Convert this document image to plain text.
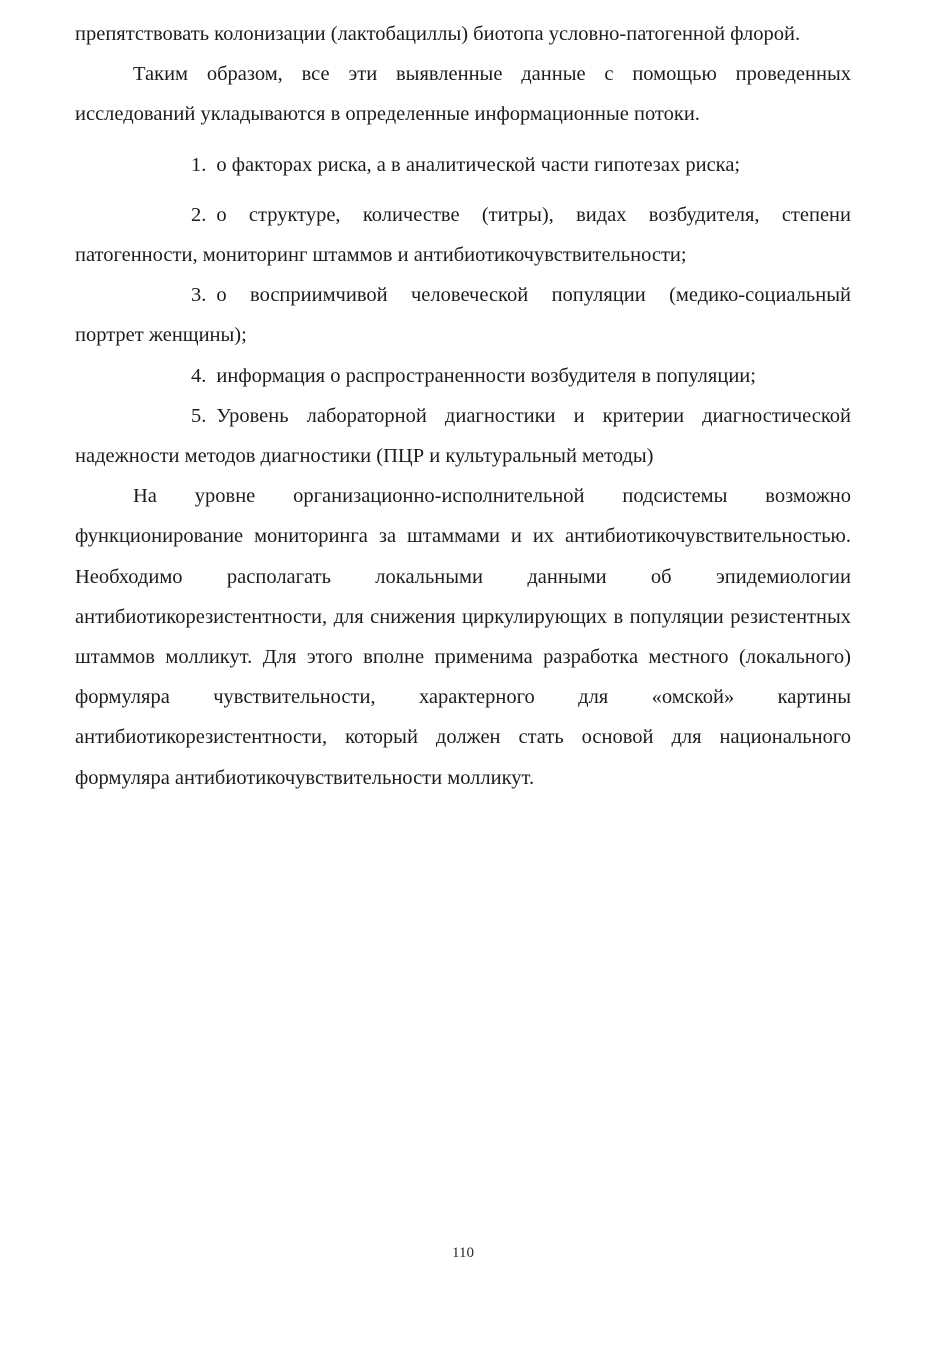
препятствовать колонизации (лактобациллы) биотопа условно-патогенной флорой.

Таким образом, все эти выявленные данные с помощью проведенных исследований укладываются в определенные информационные потоки.

1. о факторах риска, а в аналитической части гипотезах риска;

2. о структуре, количестве (титры), видах возбудителя, степени патогенности, мониторинг штаммов и антибиотикочувствительности;

3. о восприимчивой человеческой популяции (медико-социальный портрет женщины);

4. информация о распространенности возбудителя в популяции;

5. Уровень лабораторной диагностики и критерии диагностической надежности методов диагностики (ПЦР и культуральный методы)

На уровне организационно-исполнительной подсистемы возможно функционирование мониторинга за штаммами и их антибиотикочувствительностью. Необходимо располагать локальными данными об эпидемиологии антибиотикорезистентности, для снижения циркулирующих в популяции резистентных штаммов молликут. Для этого вполне применима разработка местного (локального) формуляра чувствительности, характерного для «омской» картины антибиотикорезистентности, который должен стать основой для национального формуляра антибиотикочувствительности молликут.

110
